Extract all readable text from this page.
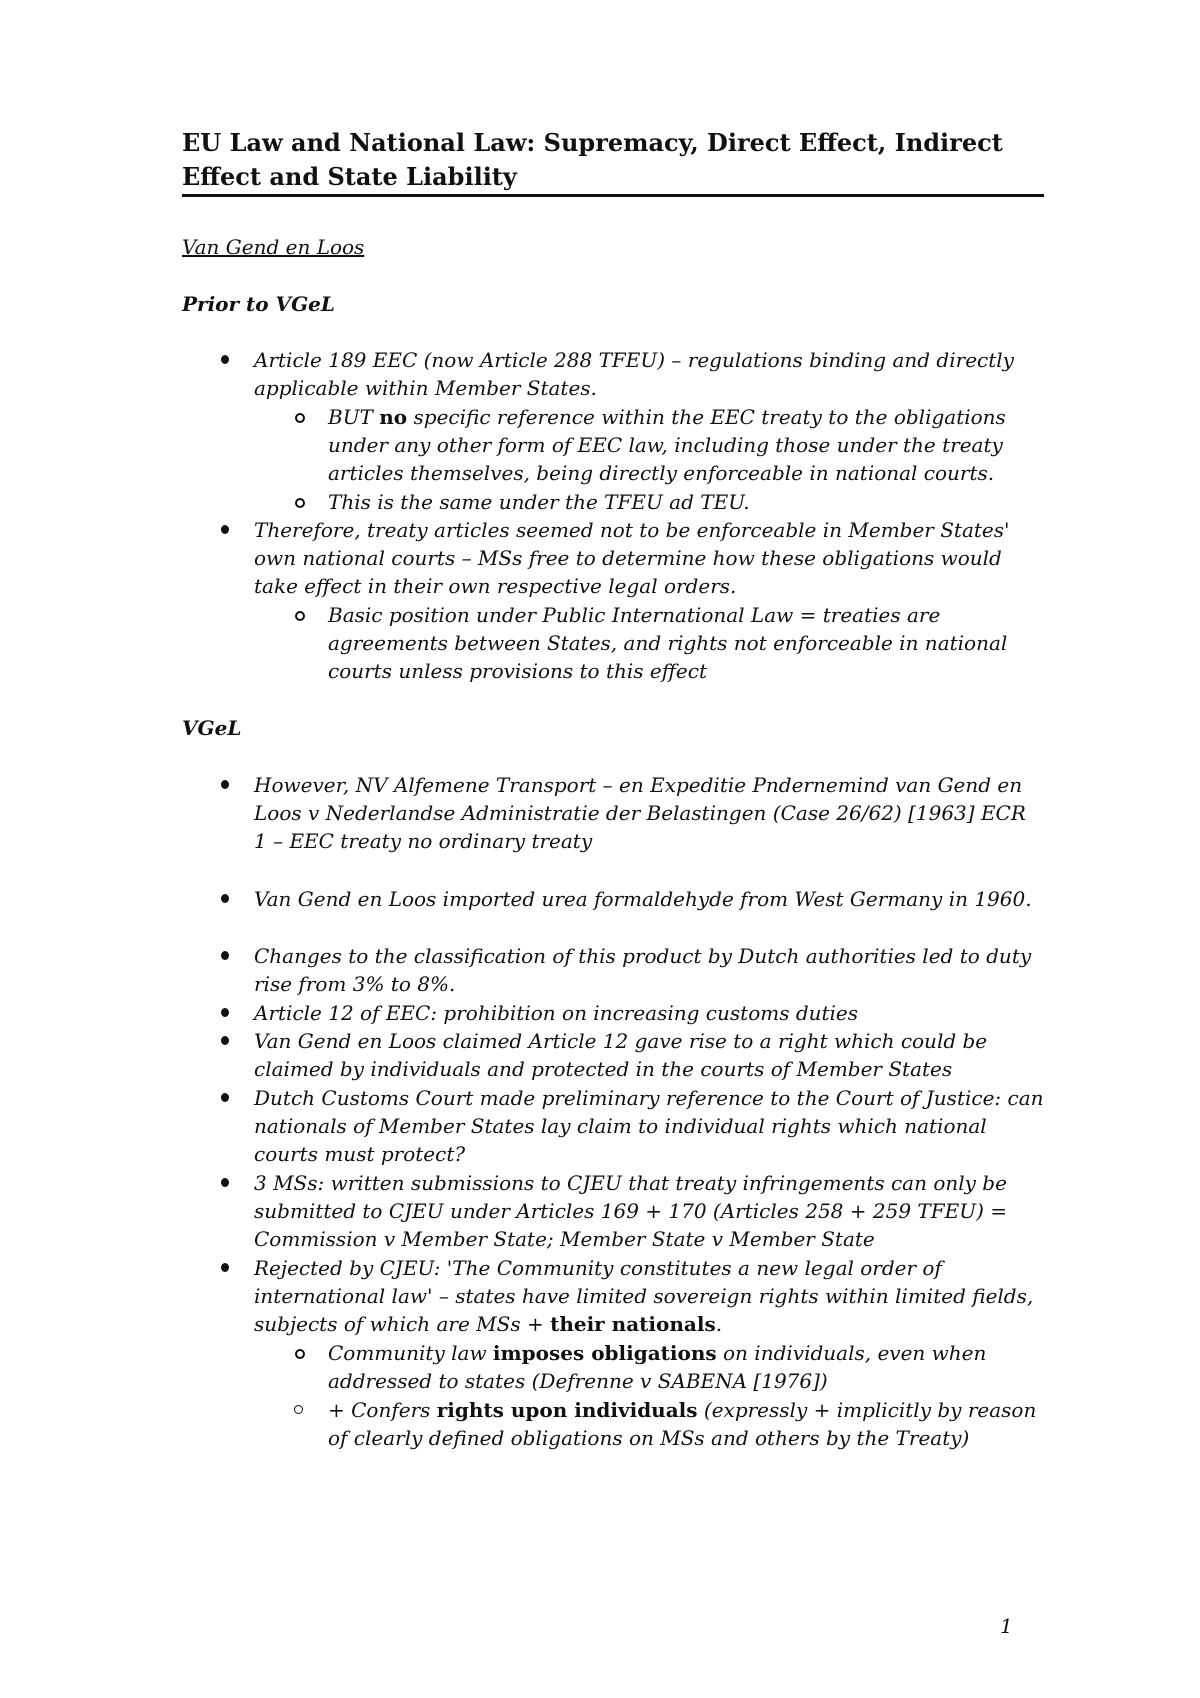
EU Law and National Law: Supremacy, Direct Effect, Indirect
Effect and State Liability
Van Gend en Loos
Prior to VGeL

Article 189 EEC (now Article 288 TFEU) – regulations binding and directly applicable within Member States.

BUT no specific reference within the EEC treaty to the obligations under any other form of EEC law, including those under the treaty articles themselves, being directly enforceable in national courts.

This is the same under the TFEU ad TEU.

Therefore, treaty articles seemed not to be enforceable in Member States' own national courts – MSs free to determine how these obligations would take effect in their own respective legal orders.

Basic position under Public International Law = treaties are agreements between States, and rights not enforceable in national courts unless provisions to this effect

VGeL

However, NV Alfemene Transport – en Expeditie Pndernemind van Gend en Loos v Nederlandse Administratie der Belastingen (Case 26/62) [1963] ECR 1 – EEC treaty no ordinary treaty

Van Gend en Loos imported urea formaldehyde from West Germany in 1960.

Changes to the classification of this product by Dutch authorities led to duty rise from 3% to 8%.

Article 12 of EEC: prohibition on increasing customs duties

Van Gend en Loos claimed Article 12 gave rise to a right which could be claimed by individuals and protected in the courts of Member States

Dutch Customs Court made preliminary reference to the Court of Justice: can nationals of Member States lay claim to individual rights which national courts must protect?

3 MSs: written submissions to CJEU that treaty infringements can only be submitted to CJEU under Articles 169 + 170 (Articles 258 + 259 TFEU) = Commission v Member State; Member State v Member State

Rejected by CJEU: 'The Community constitutes a new legal order of international law' – states have limited sovereign rights within limited fields, subjects of which are MSs + their nationals.

Community law imposes obligations on individuals, even when addressed to states (Defrenne v SABENA [1976])

+ Confers rights upon individuals (expressly + implicitly by reason of clearly defined obligations on MSs and others by the Treaty)

1
